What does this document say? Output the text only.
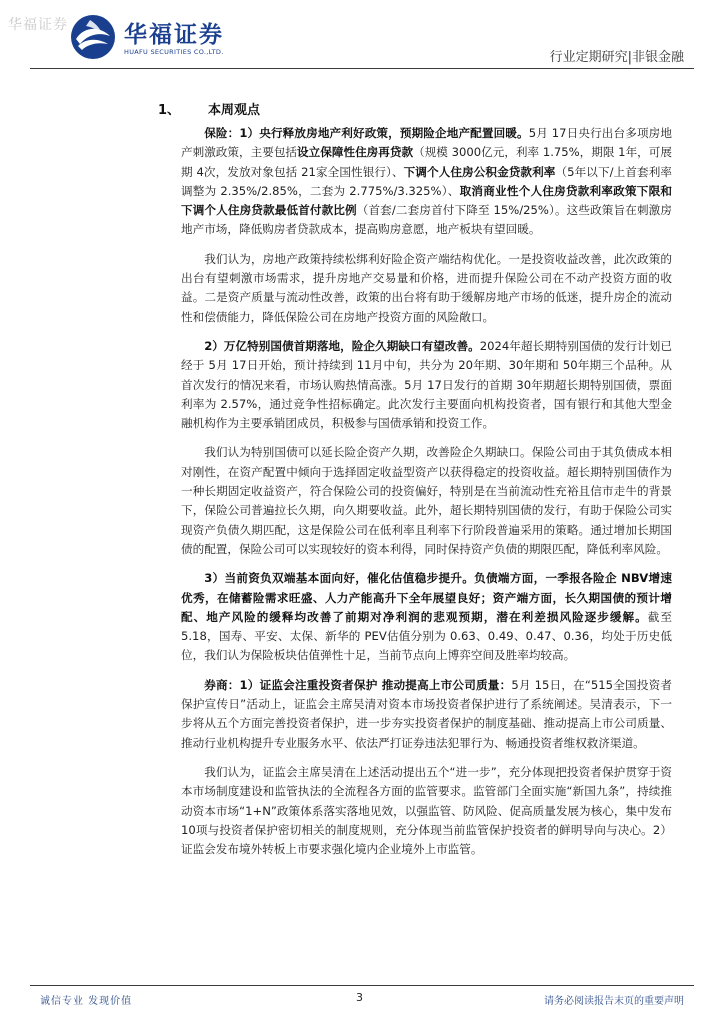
华福证券 华福证券
HUAFU SECURITIES CO.,LTD.	行业定期研究|非银金融
1、 本周观点

保险：1）央行释放房地产利好政策，预期险企地产配置回暖。5月 17日央行出台多项房地产刺激政策，主要包括设立保障性住房再贷款（规模 3000亿元，利率 1.75%，期限 1年，可展期 4次，发放对象包括 21家全国性银行）、下调个人住房公积金贷款利率（5年以下/上首套利率调整为 2.35%/2.85%，二套为 2.775%/3.325%）、取消商业性个人住房贷款利率政策下限和下调个人住房贷款最低首付款比例（首套/二套房首付下降至 15%/25%）。这些政策旨在刺激房地产市场，降低购房者贷款成本，提高购房意愿，地产板块有望回暖。

我们认为，房地产政策持续松绑利好险企资产端结构优化。一是投资收益改善，此次政策的出台有望刺激市场需求，提升房地产交易量和价格，进而提升保险公司在不动产投资方面的收益。二是资产质量与流动性改善，政策的出台将有助于缓解房地产市场的低迷，提升房企的流动性和偿债能力，降低保险公司在房地产投资方面的风险敞口。

2）万亿特别国债首期落地，险企久期缺口有望改善。2024年超长期特别国债的发行计划已经于 5月 17日开始，预计持续到 11月中旬，共分为 20年期、30年期和 50年期三个品种。从首次发行的情况来看，市场认购热情高涨。5月 17日发行的首期 30年期超长期特别国债，票面利率为 2.57%，通过竞争性招标确定。此次发行主要面向机构投资者，国有银行和其他大型金融机构作为主要承销团成员，积极参与国债承销和投资工作。

我们认为特别国债可以延长险企资产久期，改善险企久期缺口。保险公司由于其负债成本相对刚性，在资产配置中倾向于选择固定收益型资产以获得稳定的投资收益。超长期特别国债作为一种长期固定收益资产，符合保险公司的投资偏好，特别是在当前流动性充裕且信市走牛的背景下，保险公司普遍拉长久期，向久期要收益。此外，超长期特别国债的发行，有助于保险公司实现资产负债久期匹配，这是保险公司在低利率且利率下行阶段普遍采用的策略。通过增加长期国债的配置，保险公司可以实现较好的资本利得，同时保持资产负债的期限匹配，降低利率风险。

3）当前资负双端基本面向好，催化估值稳步提升。负债端方面，一季报各险企 NBV增速优秀，在储蓄险需求旺盛、人力产能高升下全年展望良好；资产端方面，长久期国债的预计增配、地产风险的缓释均改善了前期对净利润的悲观预期，潜在利差损风险逐步缓解。截至 5.18，国寿、平安、太保、新华的 PEV估值分别为 0.63、0.49、0.47、0.36，均处于历史低位，我们认为保险板块估值弹性十足，当前节点向上博弈空间及胜率均较高。

券商：1）证监会注重投资者保护 推动提高上市公司质量：5月 15日，在“515全国投资者保护宣传日”活动上，证监会主席吴清对资本市场投资者保护进行了系统阐述。吴清表示，下一步将从五个方面完善投资者保护，进一步夯实投资者保护的制度基础、推动提高上市公司质量、推动行业机构提升专业服务水平、依法严打证券违法犯罪行为、畅通投资者维权救济渠道。

我们认为，证监会主席吴清在上述活动提出五个“进一步”，充分体现把投资者保护贯穿于资本市场制度建设和监管执法的全流程各方面的监管要求。监管部门全面实施“新国九条”，持续推动资本市场“1+N”政策体系落实落地见效，以强监管、防风险、促高质量发展为核心，集中发布 10项与投资者保护密切相关的制度规则，充分体现当前监管保护投资者的鲜明导向与决心。2）证监会发布境外转板上市要求强化境内企业境外上市监管。

诚信专业 发现价值	3	请务必阅读报告末页的重要声明
